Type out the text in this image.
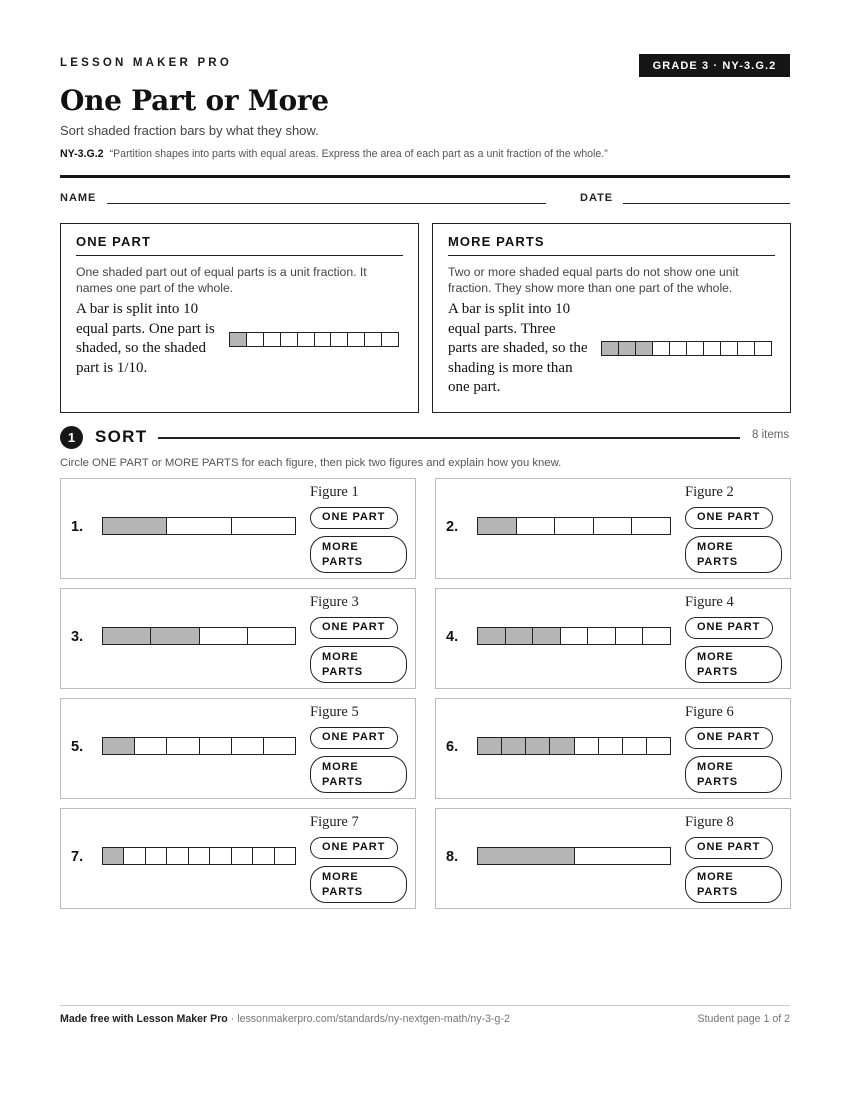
LESSON MAKER PRO	GRADE 3 · NY-3.G.2
One Part or More
Sort shaded fraction bars by what they show.
NY-3.G.2 “Partition shapes into parts with equal areas. Express the area of each part as a unit fraction of the whole.”
NAME	DATE
ONE PART
One shaded part out of equal parts is a unit fraction. It names one part of the whole.
A bar is split into 10 equal parts. One part is shaded, so the shaded part is 1/10.
MORE PARTS
Two or more shaded equal parts do not show one unit fraction. They show more than one part of the whole.
A bar is split into 10 equal parts. Three parts are shaded, so the shading is more than one part.
1	SORT	8 items
Circle ONE PART or MORE PARTS for each figure, then pick two figures and explain how you knew.
1.
Figure 1
ONE PART
MORE
PARTS
2.
Figure 2
ONE PART
MORE
PARTS
3.
Figure 3
ONE PART
MORE
PARTS
4.
Figure 4
ONE PART
MORE
PARTS
5.
Figure 5
ONE PART
MORE
PARTS
6.
Figure 6
ONE PART
MORE
PARTS
7.
Figure 7
ONE PART
MORE
PARTS
8.
Figure 8
ONE PART
MORE
PARTS
Made free with Lesson Maker Pro · lessonmakerpro.com/standards/ny-nextgen-math/ny-3-g-2	Student page 1 of 2
